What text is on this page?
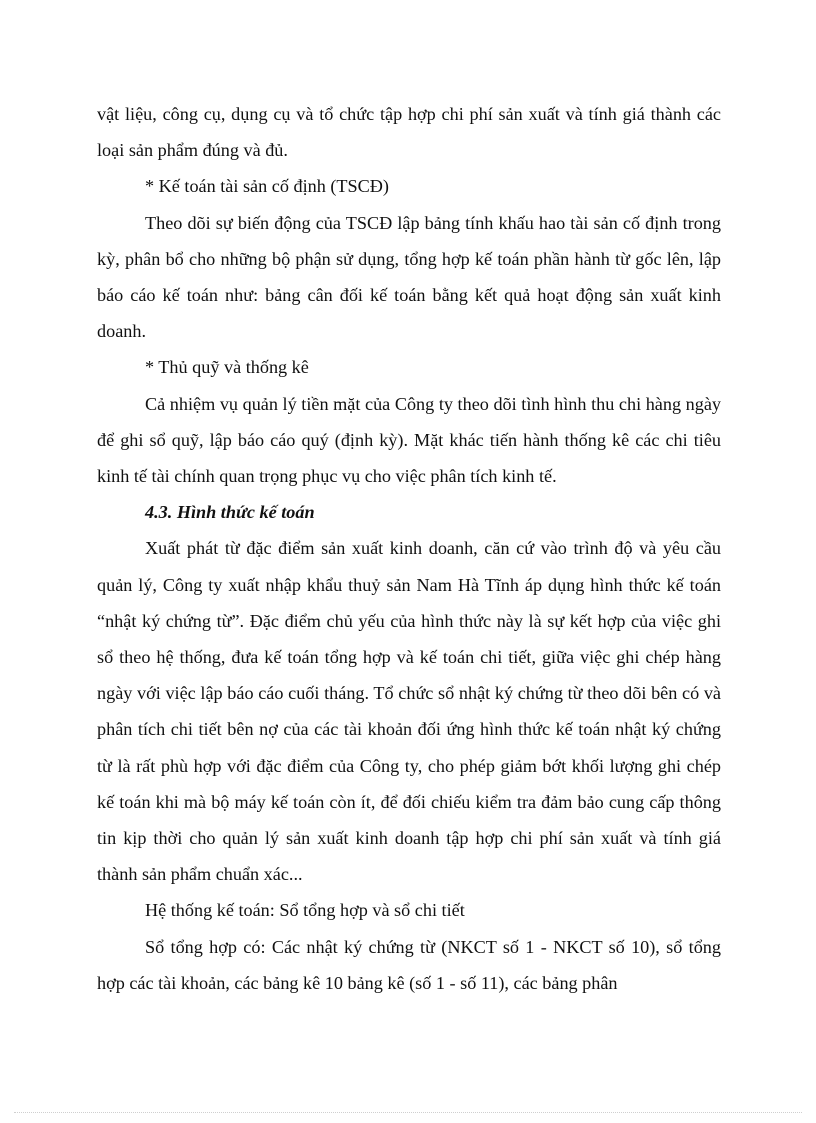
vật liệu, công cụ, dụng cụ và tổ chức tập hợp chi phí sản xuất và tính giá thành các loại sản phẩm đúng và đủ.

* Kế toán tài sản cố định (TSCĐ)

Theo dõi sự biến động của TSCĐ lập bảng tính khấu hao tài sản cố định trong kỳ, phân bổ cho những bộ phận sử dụng, tổng hợp kế toán phần hành từ gốc lên, lập báo cáo kế toán như: bảng cân đối kế toán bằng kết quả hoạt động sản xuất kinh doanh.

* Thủ quỹ và thống kê

Cả nhiệm vụ quản lý tiền mặt của Công ty theo dõi tình hình thu chi hàng ngày để ghi sổ quỹ, lập báo cáo quý (định kỳ). Mặt khác tiến hành thống kê các chi tiêu kinh tế tài chính quan trọng phục vụ cho việc phân tích kinh tế.

4.3. Hình thức kế toán

Xuất phát từ đặc điểm sản xuất kinh doanh, căn cứ vào trình độ và yêu cầu quản lý, Công ty xuất nhập khẩu thuỷ sản Nam Hà Tĩnh áp dụng hình thức kế toán “nhật ký chứng từ”. Đặc điểm chủ yếu của hình thức này là sự kết hợp của việc ghi sổ theo hệ thống, đưa kế toán tổng hợp và kế toán chi tiết, giữa việc ghi chép hàng ngày với việc lập báo cáo cuối tháng. Tổ chức sổ nhật ký chứng từ theo dõi bên có và phân tích chi tiết bên nợ của các tài khoản đối ứng hình thức kế toán nhật ký chứng từ là rất phù hợp với đặc điểm của Công ty, cho phép giảm bớt khối lượng ghi chép kế toán khi mà bộ máy kế toán còn ít, để đối chiếu kiểm tra đảm bảo cung cấp thông tin kịp thời cho quản lý sản xuất kinh doanh tập hợp chi phí sản xuất và tính giá thành sản phẩm chuẩn xác...

Hệ thống kế toán: Sổ tổng hợp và sổ chi tiết

Sổ tổng hợp có: Các nhật ký chứng từ (NKCT số 1 - NKCT số 10), sổ tổng hợp các tài khoản, các bảng kê 10 bảng kê (số 1 - số 11), các bảng phân
